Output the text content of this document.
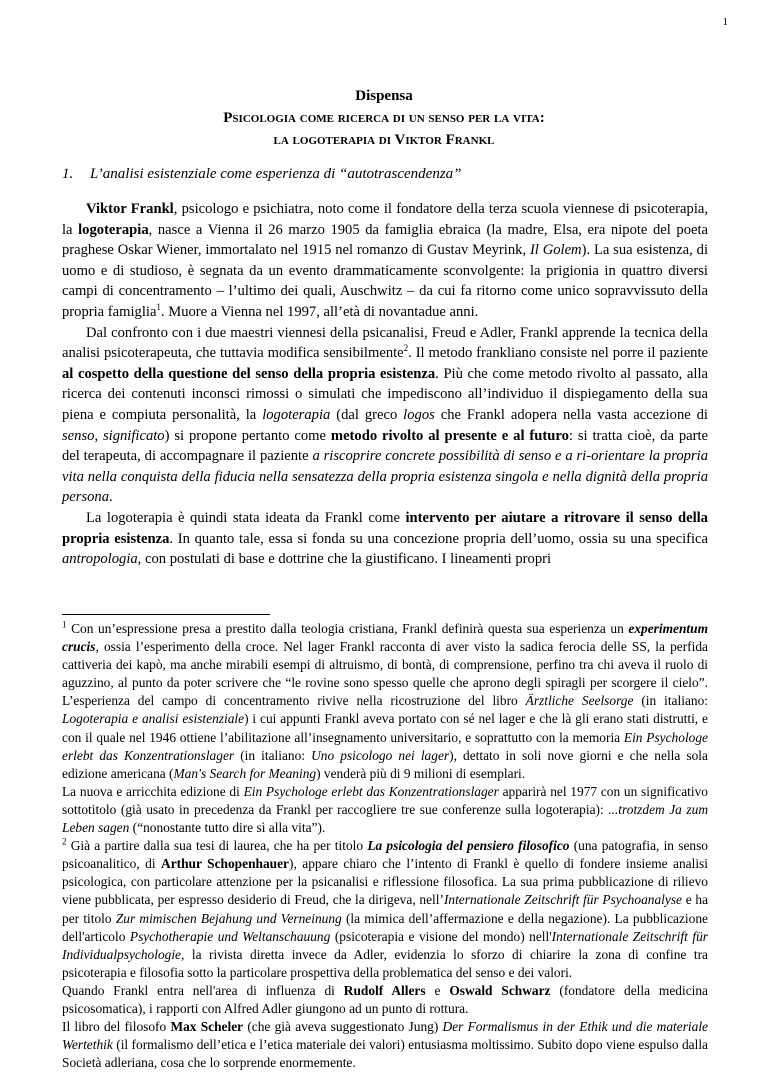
1
Dispensa
Psicologia come ricerca di un senso per la vita:
la logoterapia di Viktor Frankl
1. L’analisi esistenziale come esperienza di “autotrascendenza”

Viktor Frankl, psicologo e psichiatra, noto come il fondatore della terza scuola viennese di psicoterapia, la logoterapia, nasce a Vienna il 26 marzo 1905 da famiglia ebraica (la madre, Elsa, era nipote del poeta praghese Oskar Wiener, immortalato nel 1915 nel romanzo di Gustav Meyrink, Il Golem). La sua esistenza, di uomo e di studioso, è segnata da un evento drammaticamente sconvolgente: la prigionia in quattro diversi campi di concentramento – l’ultimo dei quali, Auschwitz – da cui fa ritorno come unico sopravvissuto della propria famiglia$^1$. Muore a Vienna nel 1997, all’età di novantadue anni.

Dal confronto con i due maestri viennesi della psicanalisi, Freud e Adler, Frankl apprende la tecnica della analisi psicoterapeuta, che tuttavia modifica sensibilmente$^2$. Il metodo frankliano consiste nel porre il paziente al cospetto della questione del senso della propria esistenza. Più che come metodo rivolto al passato, alla ricerca dei contenuti inconsci rimossi o simulati che impediscono all’individuo il dispiegamento della sua piena e compiuta personalità, la logoterapia (dal greco logos che Frankl adopera nella vasta accezione di senso, significato) si propone pertanto come metodo rivolto al presente e al futuro: si tratta cioè, da parte del terapeuta, di accompagnare il paziente a riscoprire concrete possibilità di senso e a ri-orientare la propria vita nella conquista della fiducia nella sensatezza della propria esistenza singola e nella dignità della propria persona.

La logoterapia è quindi stata ideata da Frankl come intervento per aiutare a ritrovare il senso della propria esistenza. In quanto tale, essa si fonda su una concezione propria dell’uomo, ossia su una specifica antropologia, con postulati di base e dottrine che la giustificano. I lineamenti propri

$^1$ Con un’espressione presa a prestito dalla teologia cristiana, Frankl definirà questa sua esperienza un experimentum crucis, ossia l’esperimento della croce. Nel lager Frankl racconta di aver visto la sadica ferocia delle SS, la perfida cattiveria dei kapò, ma anche mirabili esempi di altruismo, di bontà, di comprensione, perfino tra chi aveva il ruolo di aguzzino, al punto da poter scrivere che “le rovine sono spesso quelle che aprono degli spiragli per scorgere il cielo”. L’esperienza del campo di concentramento rivive nella ricostruzione del libro Ärztliche Seelsorge (in italiano: Logoterapia e analisi esistenziale) i cui appunti Frankl aveva portato con sé nel lager e che là gli erano stati distrutti, e con il quale nel 1946 ottiene l’abilitazione all’insegnamento universitario, e soprattutto con la memoria Ein Psychologe erlebt das Konzentrationslager (in italiano: Uno psicologo nei lager), dettato in soli nove giorni e che nella sola edizione americana (Man's Search for Meaning) venderà più di 9 milioni di esemplari.

La nuova e arricchita edizione di Ein Psychologe erlebt das Konzentrationslager apparirà nel 1977 con un significativo sottotitolo (già usato in precedenza da Frankl per raccogliere tre sue conferenze sulla logoterapia): ...trotzdem Ja zum Leben sagen (“nonostante tutto dire sì alla vita”).

$^2$ Già a partire dalla sua tesi di laurea, che ha per titolo La psicologia del pensiero filosofico (una patografia, in senso psicoanalitico, di Arthur Schopenhauer), appare chiaro che l’intento di Frankl è quello di fondere insieme analisi psicologica, con particolare attenzione per la psicanalisi e riflessione filosofica. La sua prima pubblicazione di rilievo viene pubblicata, per espresso desiderio di Freud, che la dirigeva, nell’Internationale Zeitschrift für Psychoanalyse e ha per titolo Zur mimischen Bejahung und Verneinung (la mimica dell’affermazione e della negazione). La pubblicazione dell'articolo Psychotherapie und Weltanschauung (psicoterapia e visione del mondo) nell'Internationale Zeitschrift für Individualpsychologie, la rivista diretta invece da Adler, evidenzia lo sforzo di chiarire la zona di confine tra psicoterapia e filosofia sotto la particolare prospettiva della problematica del senso e dei valori.

Quando Frankl entra nell'area di influenza di Rudolf Allers e Oswald Schwarz (fondatore della medicina psicosomatica), i rapporti con Alfred Adler giungono ad un punto di rottura.

Il libro del filosofo Max Scheler (che già aveva suggestionato Jung) Der Formalismus in der Ethik und die materiale Wertethik (il formalismo dell’etica e l’etica materiale dei valori) entusiasma moltissimo. Subito dopo viene espulso dalla Società adleriana, cosa che lo sorprende enormemente.
